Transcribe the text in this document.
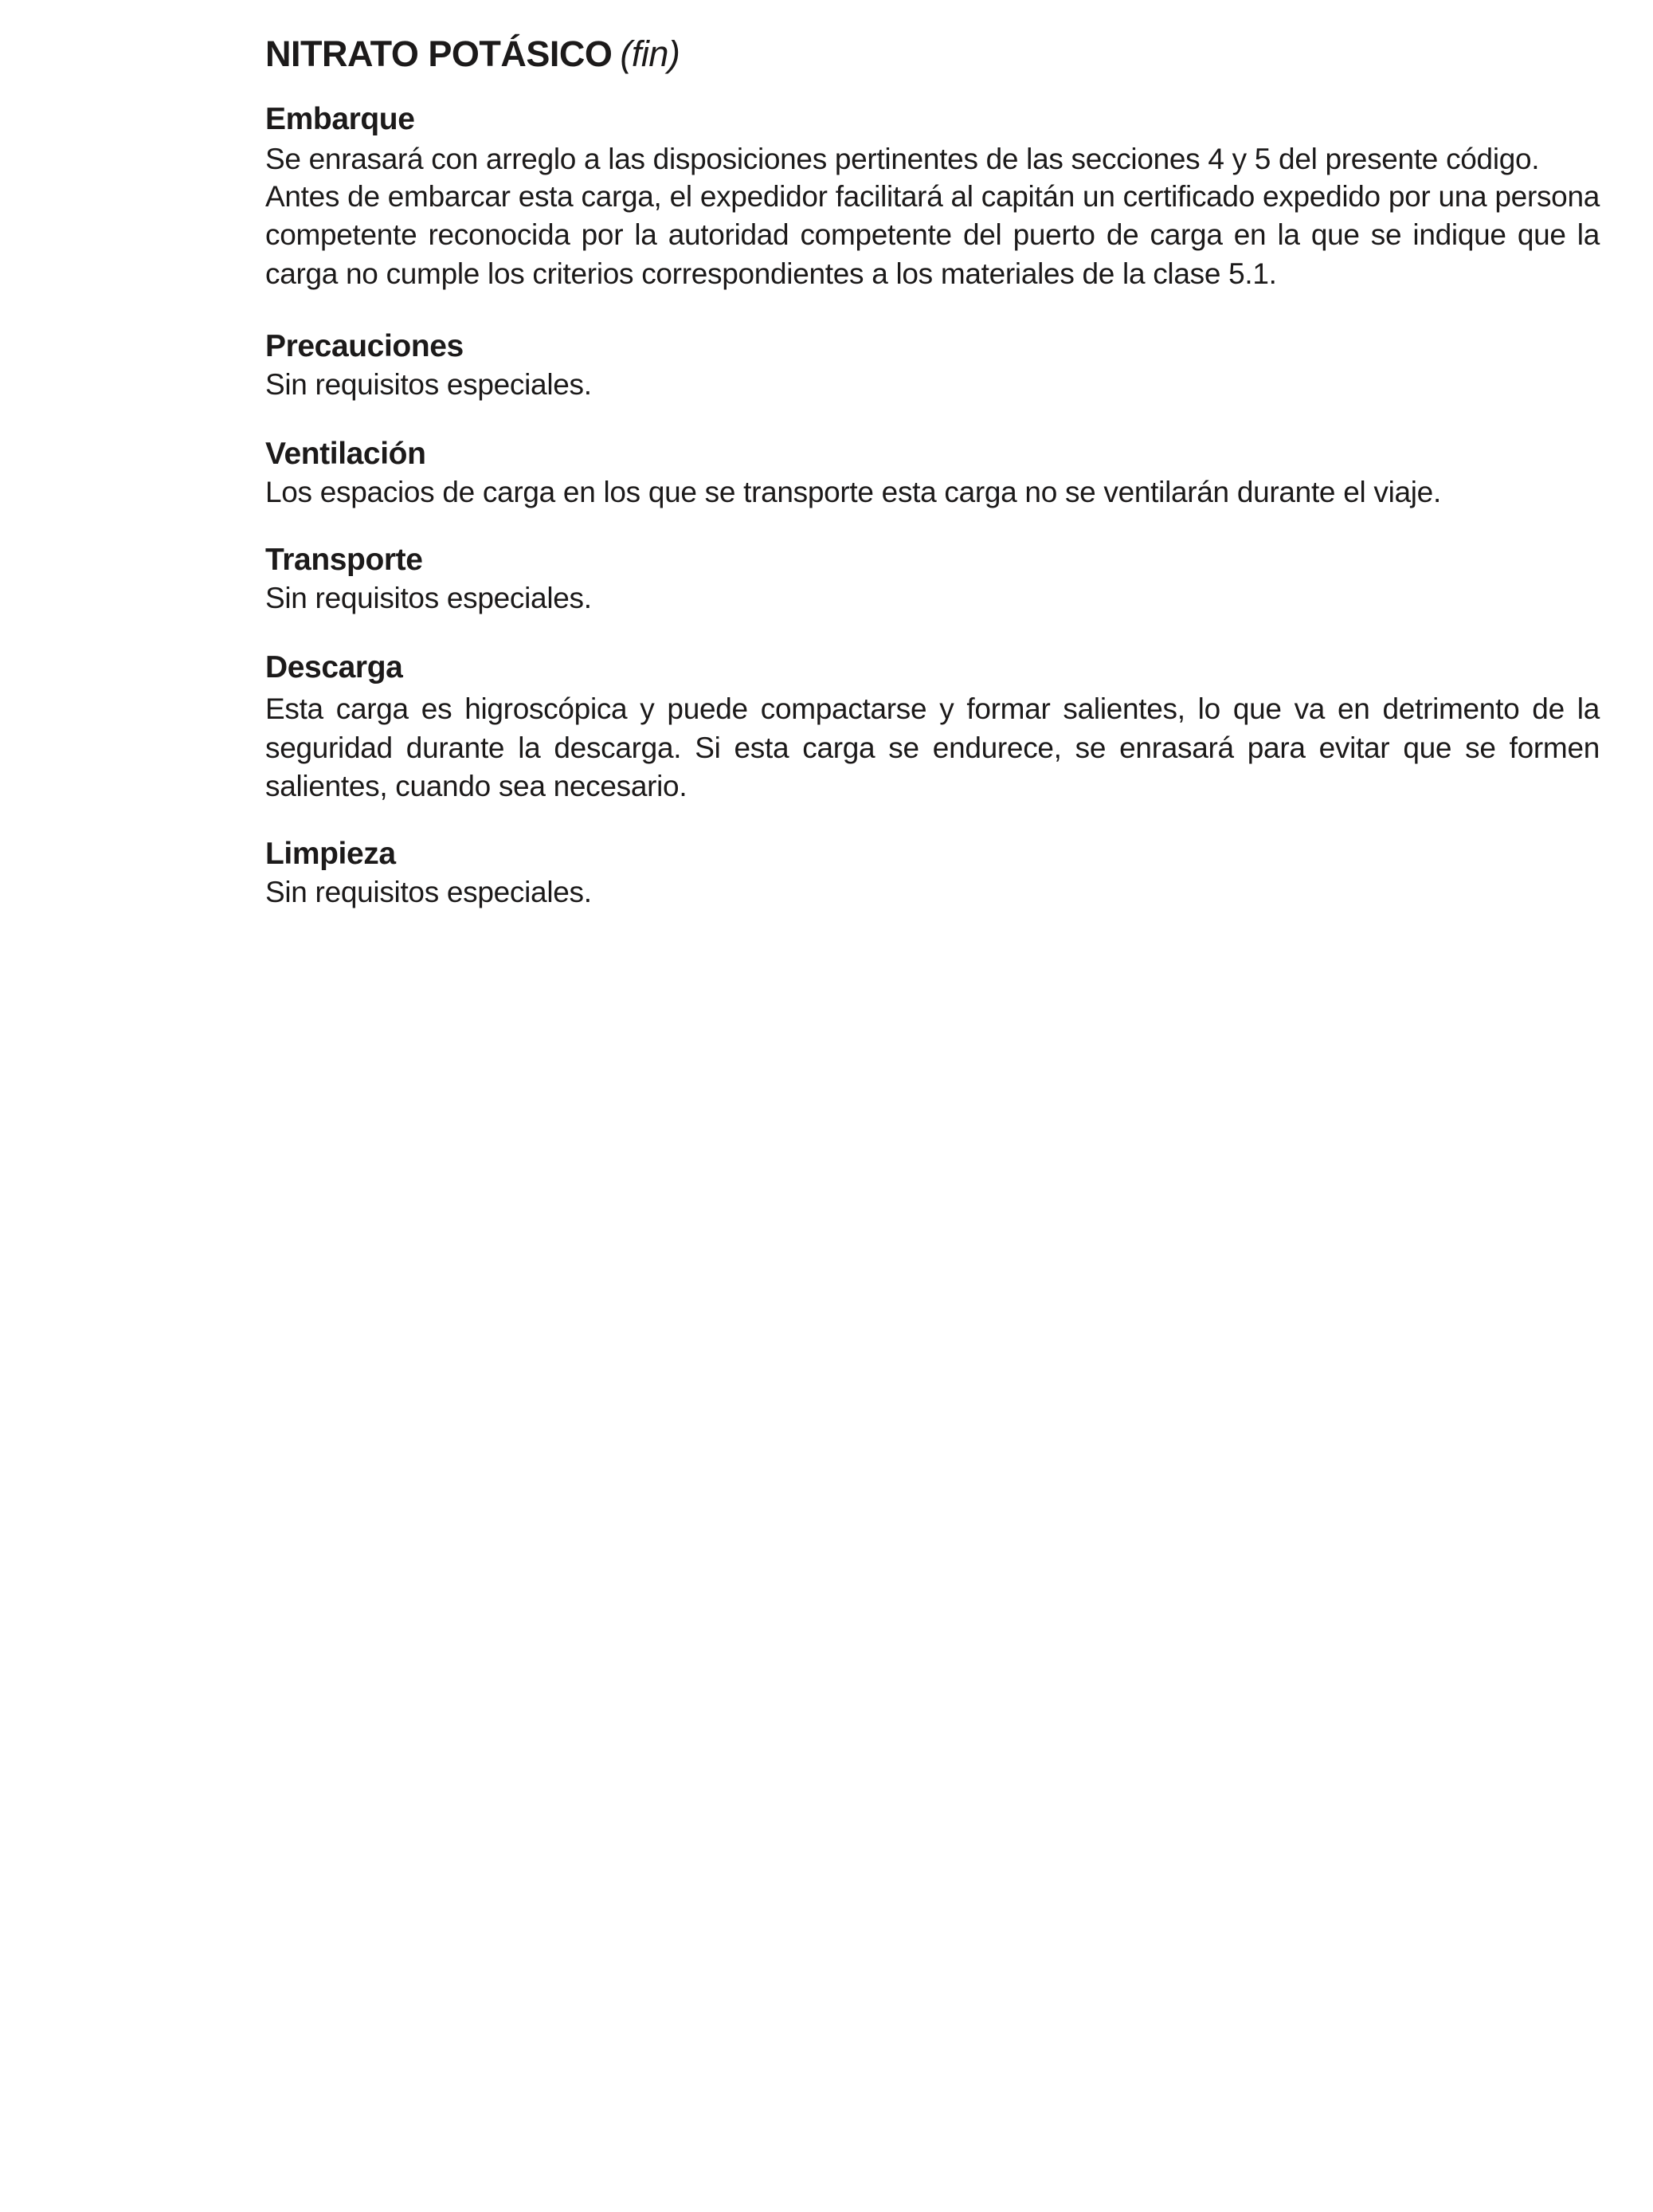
NITRATO POTÁSICO (fin)
Embarque

Se enrasará con arreglo a las disposiciones pertinentes de las secciones 4 y 5 del presente código.

Antes de embarcar esta carga, el expedidor facilitará al capitán un certificado expedido por una persona competente reconocida por la autoridad competente del puerto de carga en la que se indique que la carga no cumple los criterios correspondientes a los materiales de la clase 5.1.

Precauciones

Sin requisitos especiales.

Ventilación

Los espacios de carga en los que se transporte esta carga no se ventilarán durante el viaje.

Transporte

Sin requisitos especiales.

Descarga

Esta carga es higroscópica y puede compactarse y formar salientes, lo que va en detrimento de la seguridad durante la descarga. Si esta carga se endurece, se enrasará para evitar que se formen salientes, cuando sea necesario.

Limpieza

Sin requisitos especiales.
